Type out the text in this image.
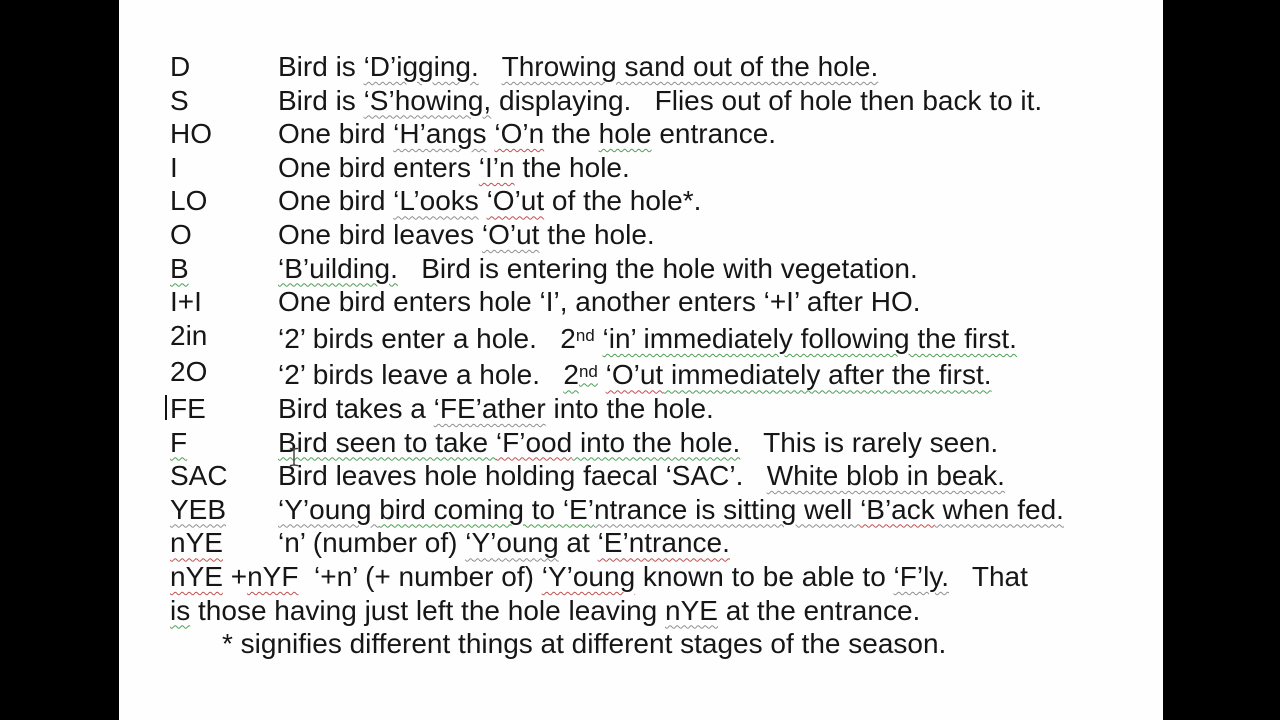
D	Bird is ‘D’igging. Throwing sand out of the hole.
S	Bird is ‘S’howing, displaying.   Flies out of hole then back to it.
HO	One bird ‘H’angs ‘O’n the hole entrance.
I	One bird enters ‘I’n the hole.
LO	One bird ‘L’ooks ‘O’ut of the hole*.
O	One bird leaves ‘O’ut the hole.
B	‘B’uilding.   Bird is entering the hole with vegetation.
I+I	One bird enters hole ‘I’, another enters ‘+I’ after HO.
2in	‘2’ birds enter a hole.   2nd ‘in’ immediately following the first.
2O	‘2’ birds leave a hole.   2nd ‘O’ut immediately after the first.
FE	Bird takes a ‘FE’ather into the hole.
F	Bird seen to take ‘F’ood into the hole.   This is rarely seen.
SAC	Bird leaves hole holding faecal ‘SAC’.   White blob in beak.
YEB	‘Y’oung bird coming to ‘E’ntrance is sitting well ‘B’ack when fed.
nYE	‘n’ (number of) ‘Y’oung at ‘E’ntrance.
nYE +nYF  ‘+n’ (+ number of) ‘Y’oung known to be able to ‘F’ly.   That
is those having just left the hole leaving nYE at the entrance.
* signifies different things at different stages of the season.
